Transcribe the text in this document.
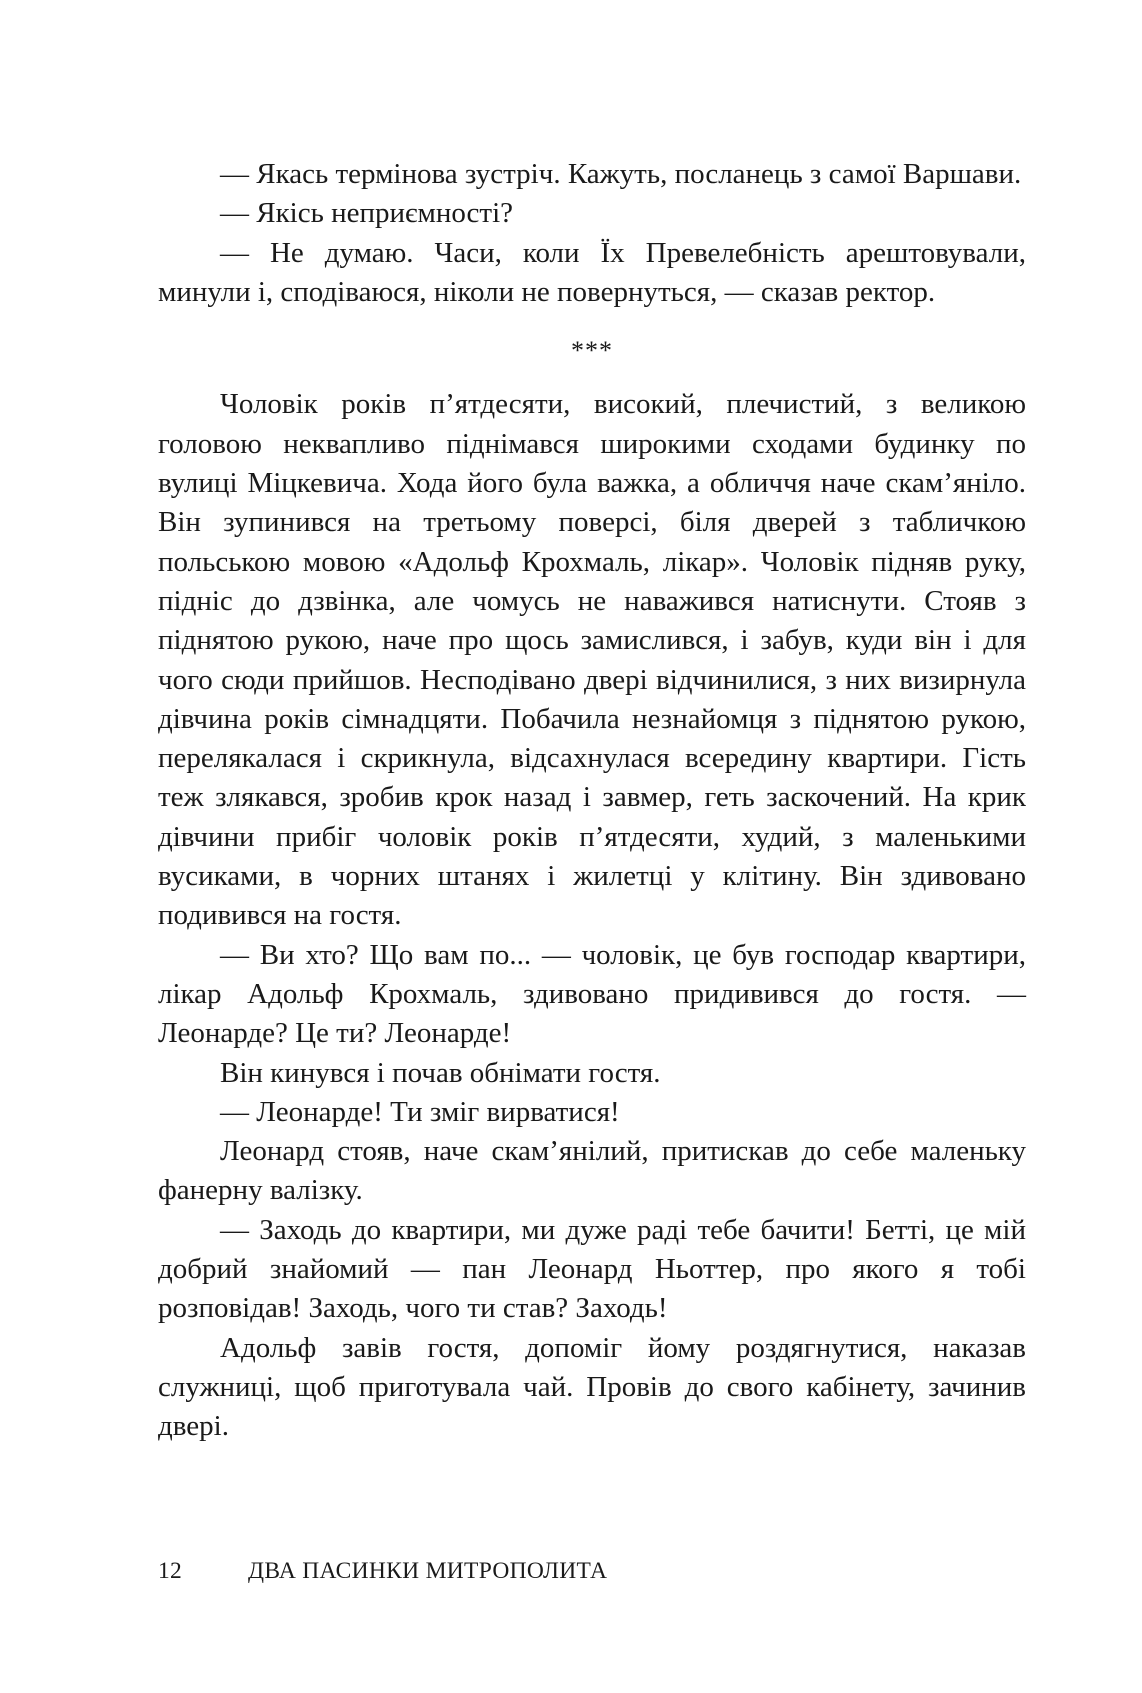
— Якась термінова зустріч. Кажуть, посланець з самої Варшави.

— Якісь неприємності?

— Не думаю. Часи, коли Їх Превелебність арештовували, минули і, сподіваюся, ніколи не повернуться, — сказав ректор.

***

Чоловік років п’ятдесяти, високий, плечистий, з великою головою неквапливо піднімався широкими сходами будинку по вулиці Міцкевича. Хода його була важка, а обличчя наче скам’яніло. Він зупинився на третьому поверсі, біля дверей з табличкою польською мовою «Адольф Крохмаль, лікар». Чоловік підняв руку, підніс до дзвінка, але чомусь не наважився натиснути. Стояв з піднятою рукою, наче про щось замислився, і забув, куди він і для чого сюди прийшов. Несподівано двері відчинилися, з них визирнула дівчина років сімнадцяти. Побачила незнайомця з піднятою рукою, перелякалася і скрикнула, відсахнулася всередину квартири. Гість теж злякався, зробив крок назад і завмер, геть заскочений. На крик дівчини прибіг чоловік років п’ятдесяти, худий, з маленькими вусиками, в чорних штанях і жилетці у клітину. Він здивовано подивився на гостя.

— Ви хто? Що вам по... — чоловік, це був господар квартири, лікар Адольф Крохмаль, здивовано придивився до гостя. — Леонарде? Це ти? Леонарде!

Він кинувся і почав обнімати гостя.

— Леонарде! Ти зміг вирватися!

Леонард стояв, наче скам’янілий, притискав до себе маленьку фанерну валізку.

— Заходь до квартири, ми дуже раді тебе бачити! Бетті, це мій добрий знайомий — пан Леонард Ньоттер, про якого я тобі розповідав! Заходь, чого ти став? Заходь!

Адольф завів гостя, допоміг йому роздягнутися, наказав служниці, щоб приготувала чай. Провів до свого кабінету, зачинив двері.

12	ДВА ПАСИНКИ МИТРОПОЛИТА
